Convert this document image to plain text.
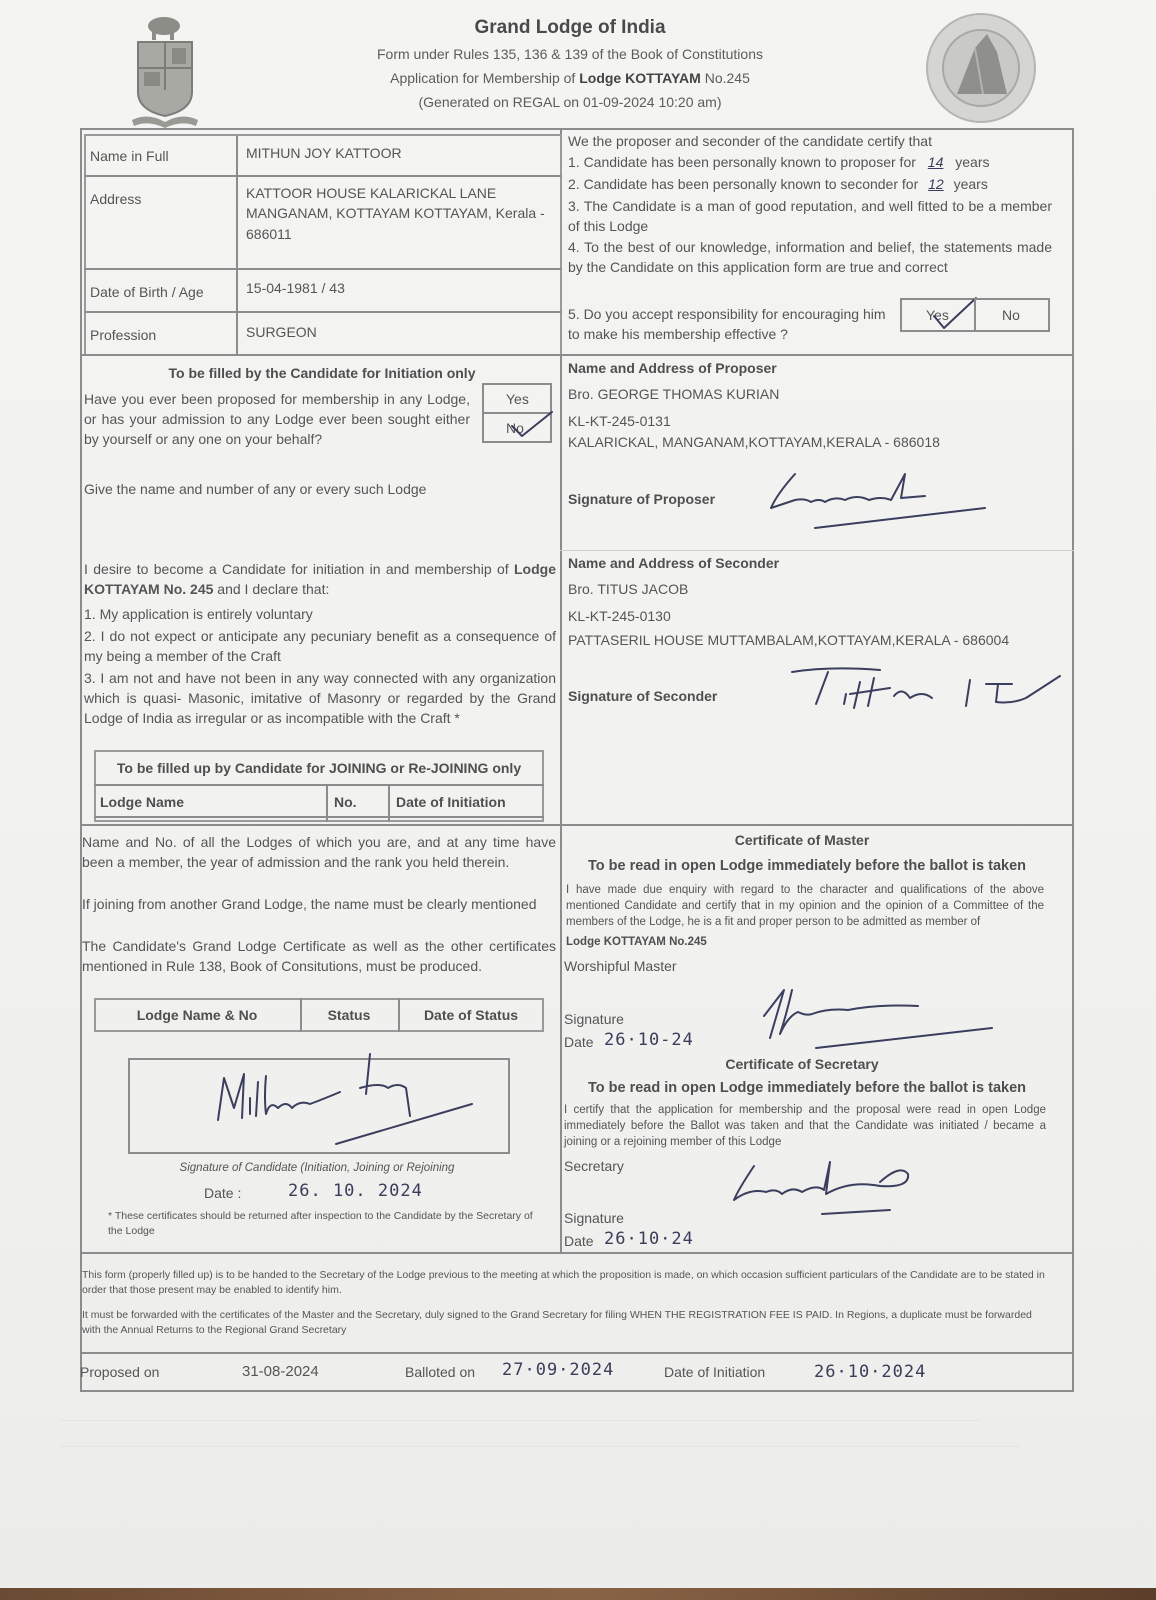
Grand Lodge of India
Form under Rules 135, 136 & 139 of the Book of Constitutions
Application for Membership of Lodge KOTTAYAM No.245
(Generated on REGAL on 01-09-2024 10:20 am)
Name in Full	MITHUN JOY KATTOOR
Address	KATTOOR HOUSE KALARICKAL LANE
MANGANAM, KOTTAYAM KOTTAYAM, Kerala -
686011
Date of Birth / Age	15-04-1981 / 43
Profession	SURGEON
We the proposer and seconder of the candidate certify that
1. Candidate has been personally known to proposer for 14 years
2. Candidate has been personally known to seconder for 12 years
3. The Candidate is a man of good reputation, and well fitted to be a member of this Lodge
4. To the best of our knowledge, information and belief, the statements made by the Candidate on this application form are true and correct
5. Do you accept responsibility for encouraging him to make his membership effective ?
Yes	No
To be filled by the Candidate for Initiation only
Have you ever been proposed for membership in any Lodge, or has your admission to any Lodge ever been sought either by yourself or any one on your behalf?
Yes
No
Give the name and number of any or every such Lodge
Name and Address of Proposer
Bro. GEORGE THOMAS KURIAN
KL-KT-245-0131
KALARICKAL, MANGANAM,KOTTAYAM,KERALA - 686018
Signature of Proposer
I desire to become a Candidate for initiation in and membership of Lodge KOTTAYAM No. 245 and I declare that:
1. My application is entirely voluntary
2. I do not expect or anticipate any pecuniary benefit as a consequence of my being a member of the Craft
3. I am not and have not been in any way connected with any organization which is quasi- Masonic, imitative of Masonry or regarded by the Grand Lodge of India as irregular or as incompatible with the Craft *
Name and Address of Seconder
Bro. TITUS JACOB
KL-KT-245-0130
PATTASERIL HOUSE MUTTAMBALAM,KOTTAYAM,KERALA - 686004
Signature of Seconder
To be filled up by Candidate for JOINING or Re-JOINING only
Lodge Name	No.	Date of Initiation
Name and No. of all the Lodges of which you are, and at any time have been a member, the year of admission and the rank you held therein.
If joining from another Grand Lodge, the name must be clearly mentioned
The Candidate's Grand Lodge Certificate as well as the other certificates mentioned in Rule 138, Book of Consitutions, must be produced.
Lodge Name & No	Status	Date of Status
Signature of Candidate (Initiation, Joining or Rejoining
Date :	26. 10. 2024
* These certificates should be returned after inspection to the Candidate by the Secretary of the Lodge
Certificate of Master
To be read in open Lodge immediately before the ballot is taken
I have made due enquiry with regard to the character and qualifications of the above mentioned Candidate and certify that in my opinion and the opinion of a Committee of the members of the Lodge, he is a fit and proper person to be admitted as member of
Lodge KOTTAYAM No.245
Worshipful Master
Signature
Date 26·10-24
Certificate of Secretary
To be read in open Lodge immediately before the ballot is taken
I certify that the application for membership and the proposal were read in open Lodge immediately before the Ballot was taken and that the Candidate was initiated / became a joining or a rejoining member of this Lodge
Secretary
Signature
Date 26·10·24
This form (properly filled up) is to be handed to the Secretary of the Lodge previous to the meeting at which the proposition is made, on which occasion sufficient particulars of the Candidate are to be stated in order that those present may be enabled to identify him.
It must be forwarded with the certificates of the Master and the Secretary, duly signed to the Grand Secretary for filing WHEN THE REGISTRATION FEE IS PAID. In Regions, a duplicate must be forwarded with the Annual Returns to the Regional Grand Secretary
Proposed on	31-08-2024	Balloted on 27·09·2024	Date of Initiation	26·10·2024
